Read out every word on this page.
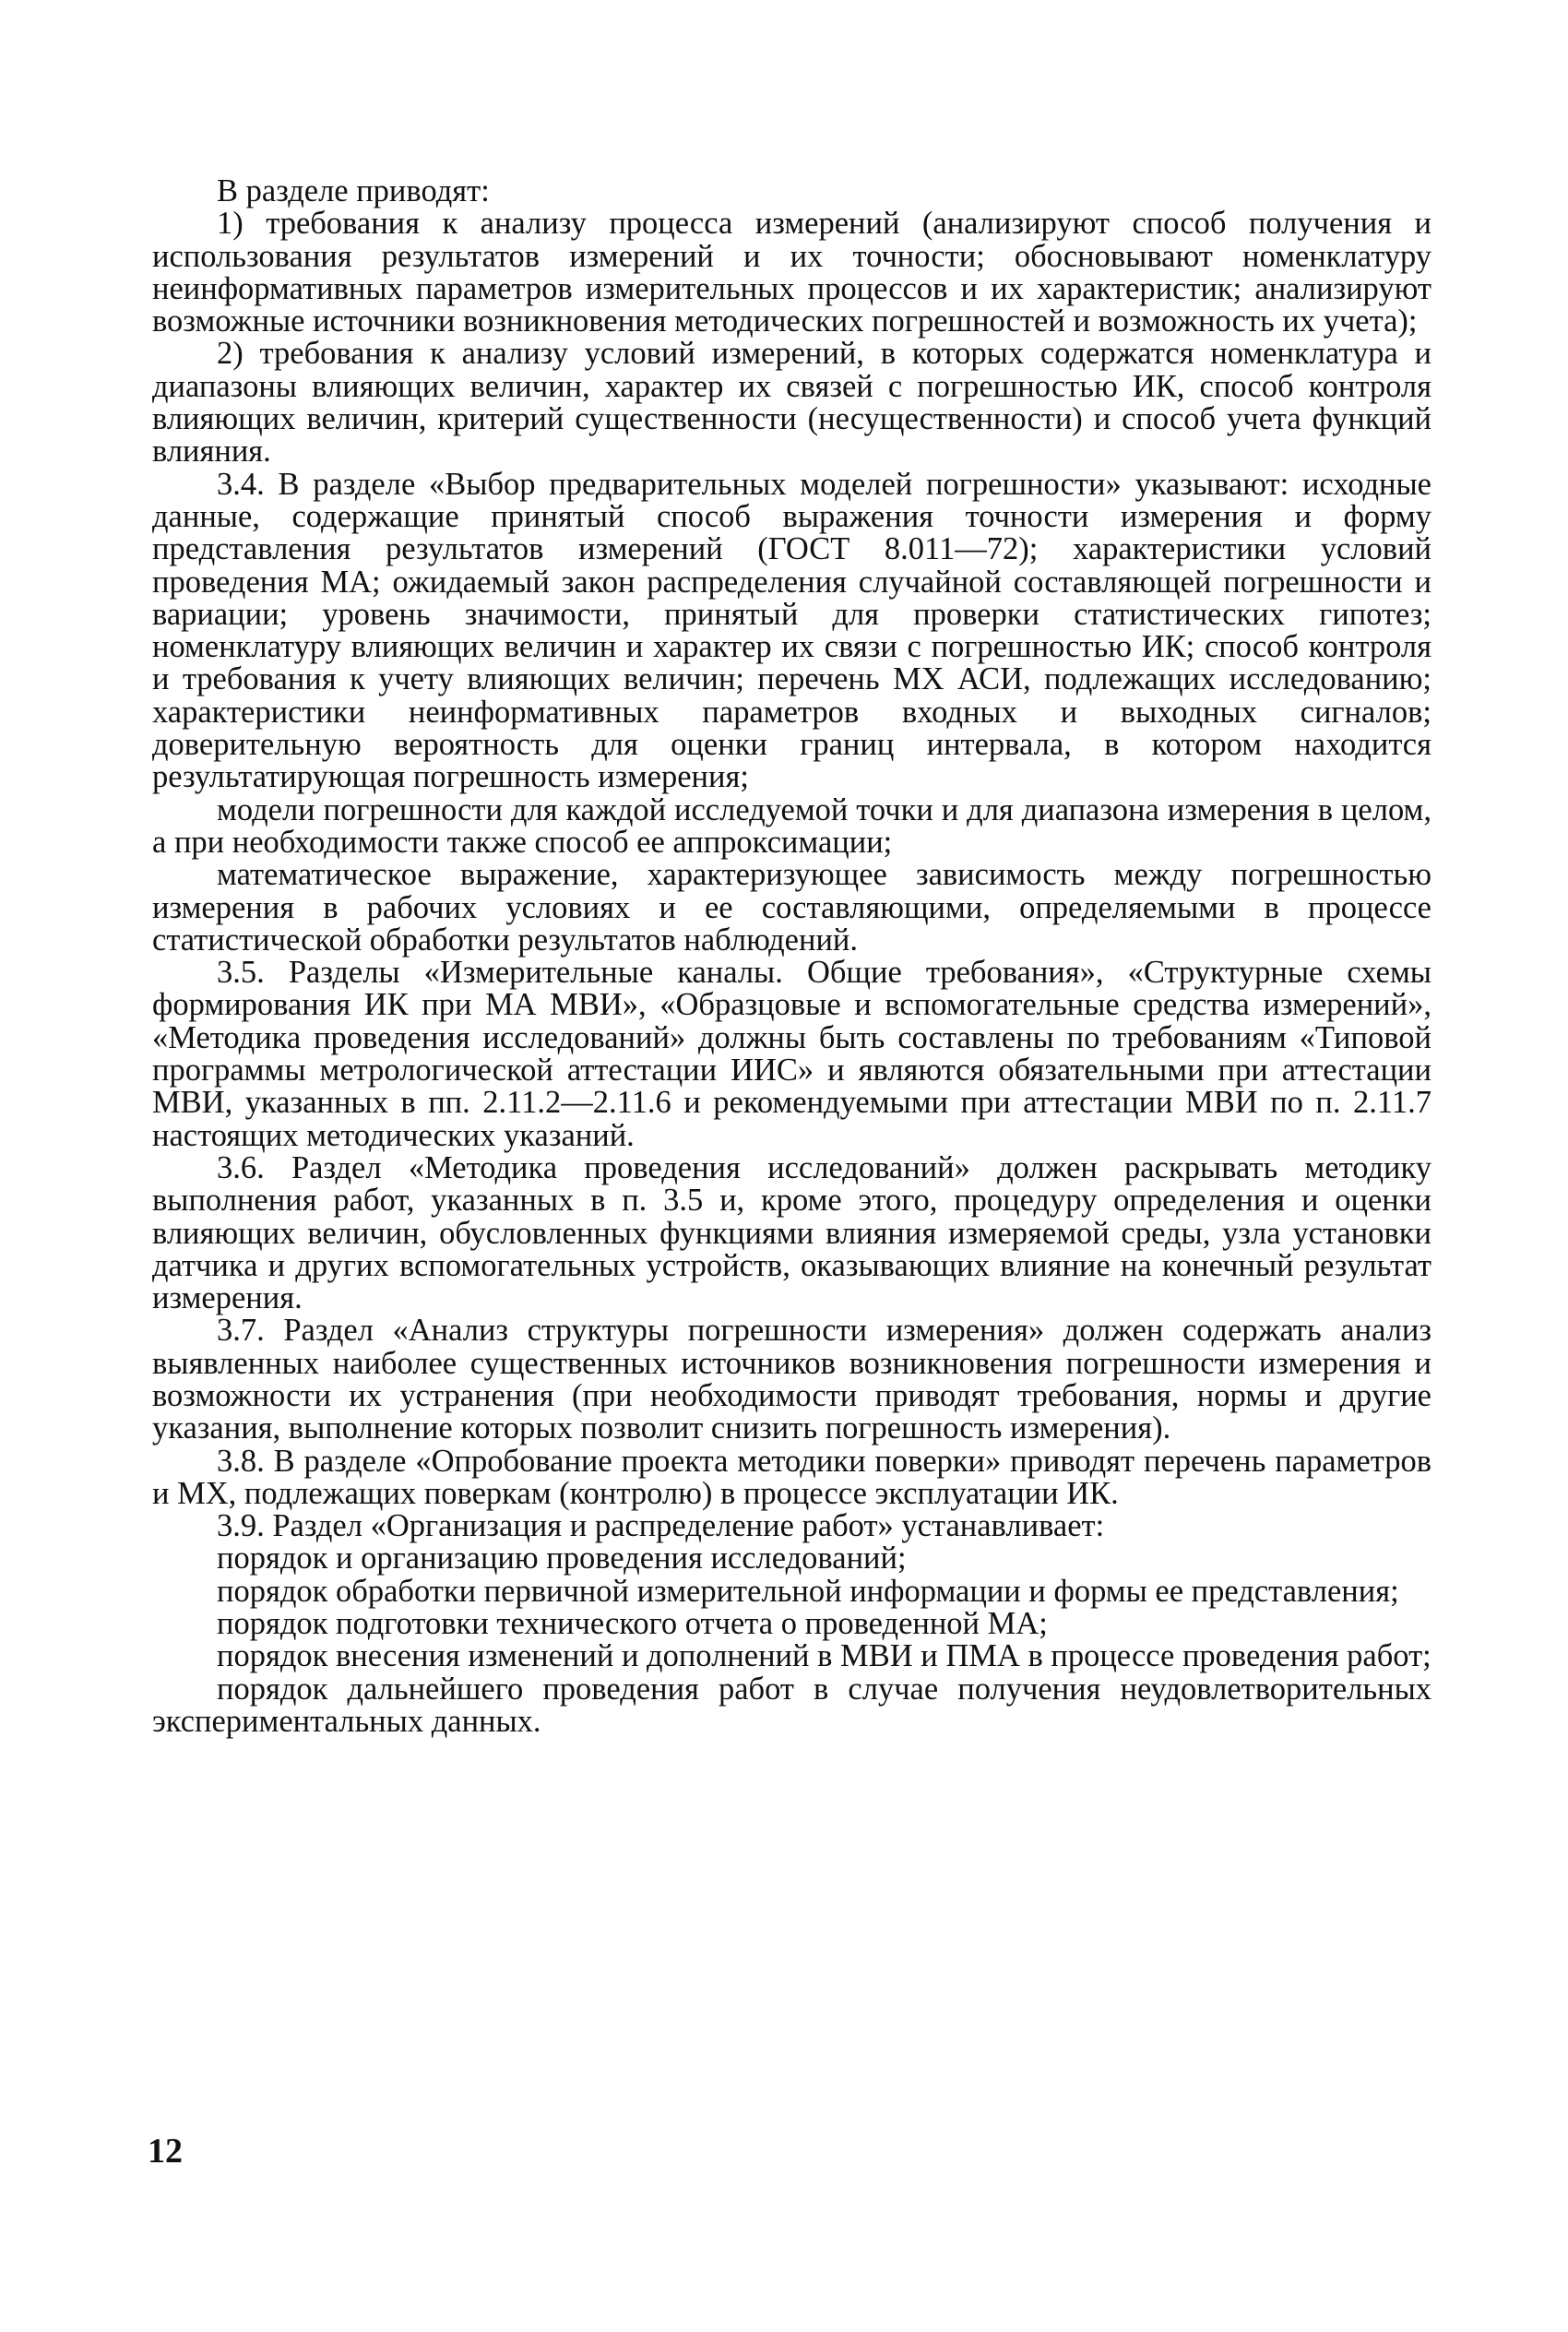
В разделе приводят:

1) требования к анализу процесса измерений (анализируют способ получения и использования результатов измерений и их точности; обосновывают номенклатуру неинформативных параметров измерительных процессов и их характеристик; анализируют возможные источники возникновения методических погрешностей и возможность их учета);

2) требования к анализу условий измерений, в которых содержатся номенклатура и диапазоны влияющих величин, характер их связей с погрешностью ИК, способ контроля влияющих величин, критерий существенности (несущественности) и способ учета функций влияния.

3.4. В разделе «Выбор предварительных моделей погрешности» указывают: исходные данные, содержащие принятый способ выражения точности измерения и форму представления результатов измерений (ГОСТ 8.011—72); характеристики условий проведения МА; ожидаемый закон распределения случайной составляющей погрешности и вариации; уровень значимости, принятый для проверки статистических гипотез; номенклатуру влияющих величин и характер их связи с погрешностью ИК; способ контроля и требования к учету влияющих величин; перечень МХ АСИ, подлежащих исследованию; характеристики неинформативных параметров входных и выходных сигналов; доверительную вероятность для оценки границ интервала, в котором находится результатирующая погрешность измерения;

модели погрешности для каждой исследуемой точки и для диапазона измерения в целом, а при необходимости также способ ее аппроксимации;

математическое выражение, характеризующее зависимость между погрешностью измерения в рабочих условиях и ее составляющими, определяемыми в процессе статистической обработки результатов наблюдений.

3.5. Разделы «Измерительные каналы. Общие требования», «Структурные схемы формирования ИК при МА МВИ», «Образцовые и вспомогательные средства измерений», «Методика проведения исследований» должны быть составлены по требованиям «Типовой программы метрологической аттестации ИИС» и являются обязательными при аттестации МВИ, указанных в пп. 2.11.2—2.11.6 и рекомендуемыми при аттестации МВИ по п. 2.11.7 настоящих методических указаний.

3.6. Раздел «Методика проведения исследований» должен раскрывать методику выполнения работ, указанных в п. 3.5 и, кроме этого, процедуру определения и оценки влияющих величин, обусловленных функциями влияния измеряемой среды, узла установки датчика и других вспомогательных устройств, оказывающих влияние на конечный результат измерения.

3.7. Раздел «Анализ структуры погрешности измерения» должен содержать анализ выявленных наиболее существенных источников возникновения погрешности измерения и возможности их устранения (при необходимости приводят требования, нормы и другие указания, выполнение которых позволит снизить погрешность измерения).

3.8. В разделе «Опробование проекта методики поверки» приводят перечень параметров и МХ, подлежащих поверкам (контролю) в процессе эксплуатации ИК.

3.9. Раздел «Организация и распределение работ» устанавливает:

порядок и организацию проведения исследований;

порядок обработки первичной измерительной информации и формы ее представления;

порядок подготовки технического отчета о проведенной МА;

порядок внесения изменений и дополнений в МВИ и ПМА в процессе проведения работ;

порядок дальнейшего проведения работ в случае получения неудовлетворительных экспериментальных данных.

12
